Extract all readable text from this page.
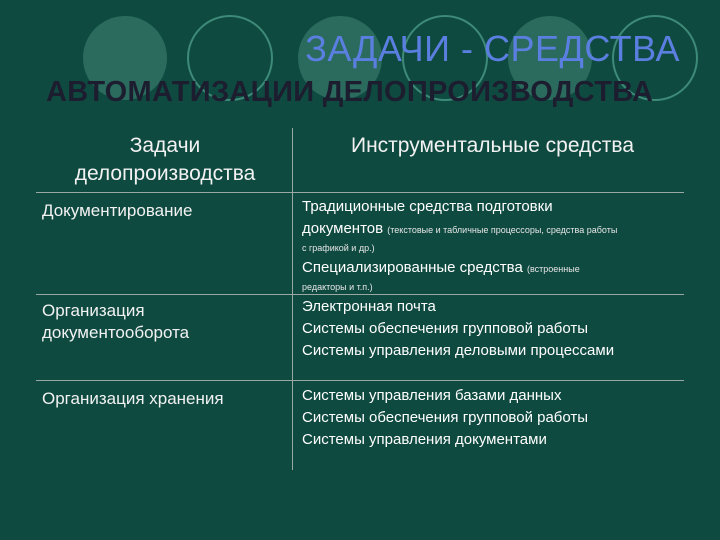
ЗАДАЧИ - СРЕДСТВА
АВТОМАТИЗАЦИИ ДЕЛОПРОИЗВОДСТВА
Задачи
делопроизводства
Инструментальные средства
Документирование	Традиционные средства подготовки
документов (текстовые и табличные процессоры, средства работы
с графикой и др.)
Специализированные средства (встроенные
редакторы и т.п.)
Организация
документооборота
Электронная почта
Системы обеспечения групповой работы
Системы управления деловыми процессами
Организация хранения	Системы управления базами данных
Системы обеспечения групповой работы
Системы управления документами
